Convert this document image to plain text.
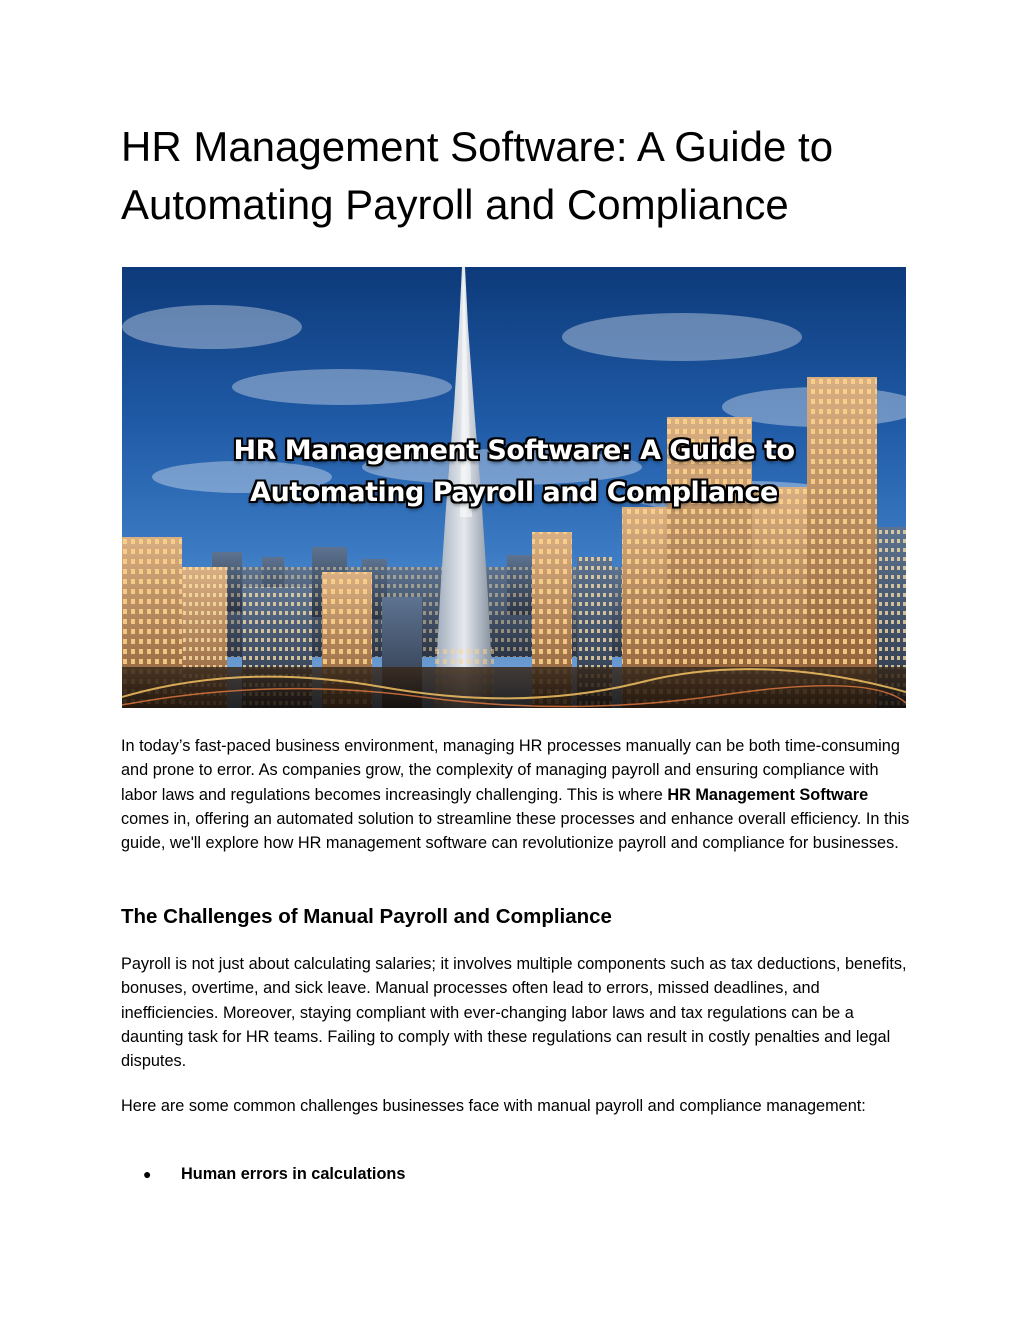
HR Management Software: A Guide to Automating Payroll and Compliance
HR Management Software: A Guide to
Automating Payroll and Compliance

In today’s fast-paced business environment, managing HR processes manually can be both time-consuming and prone to error. As companies grow, the complexity of managing payroll and ensuring compliance with labor laws and regulations becomes increasingly challenging. This is where HR Management Software comes in, offering an automated solution to streamline these processes and enhance overall efficiency. In this guide, we'll explore how HR management software can revolutionize payroll and compliance for businesses.

The Challenges of Manual Payroll and Compliance

Payroll is not just about calculating salaries; it involves multiple components such as tax deductions, benefits, bonuses, overtime, and sick leave. Manual processes often lead to errors, missed deadlines, and inefficiencies. Moreover, staying compliant with ever-changing labor laws and tax regulations can be a daunting task for HR teams. Failing to comply with these regulations can result in costly penalties and legal disputes.

Here are some common challenges businesses face with manual payroll and compliance management:

● Human errors in calculations
